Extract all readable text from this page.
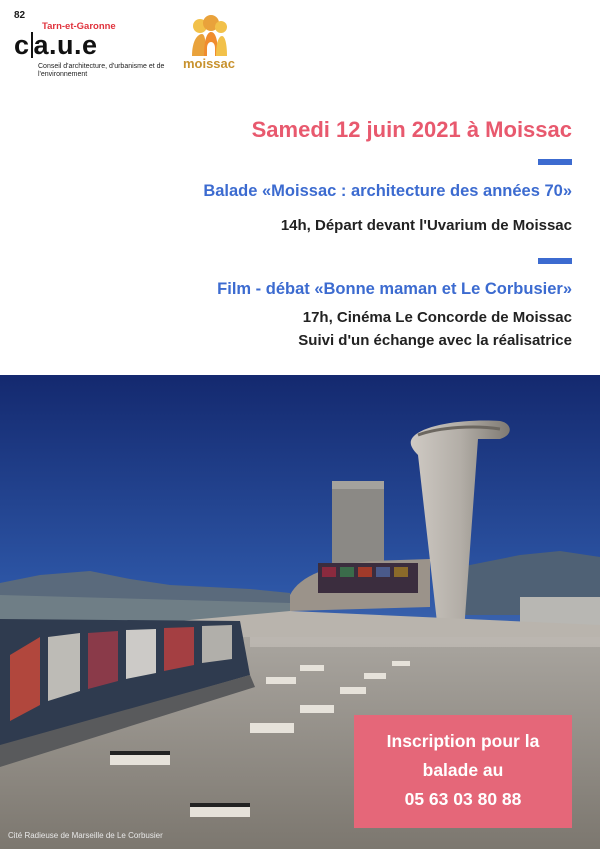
82
Tarn-et-Garonne
c a.u.e
Conseil d'architecture, d'urbanisme et de l'environnement
moissac
Samedi 12 juin 2021 à Moissac
Balade «Moissac : architecture des années 70»
14h, Départ devant l'Uvarium de Moissac
Film - débat «Bonne maman et Le Corbusier»
17h, Cinéma Le Concorde de Moissac
Suivi d'un échange avec la réalisatrice
Cité Radieuse de Marseille de Le Corbusier
Inscription pour la
balade au
05 63 03 80 88
